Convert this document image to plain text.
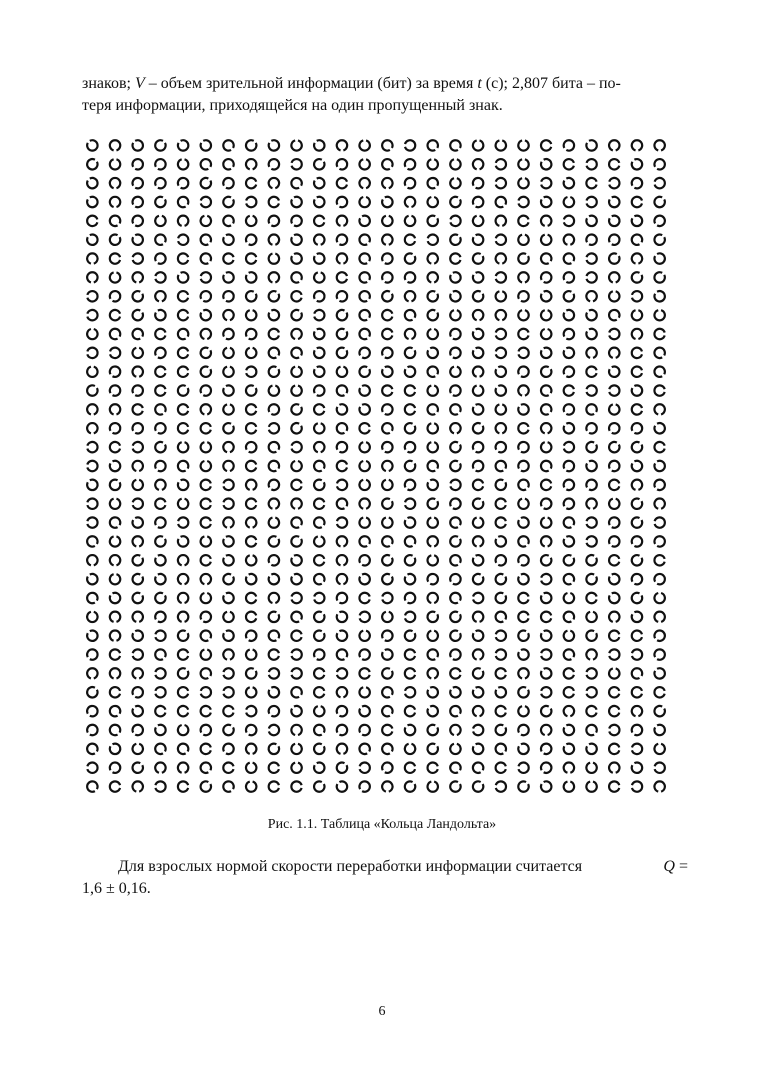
знаков; V – объем зрительной информации (бит) за время t (с); 2,807 бита – по-
теря информации, приходящейся на один пропущенный знак.
Рис. 1.1. Таблица «Кольца Ландольта»
Для взрослых нормой скорости переработки информации считается	Q =
1,6 ± 0,16.
6
